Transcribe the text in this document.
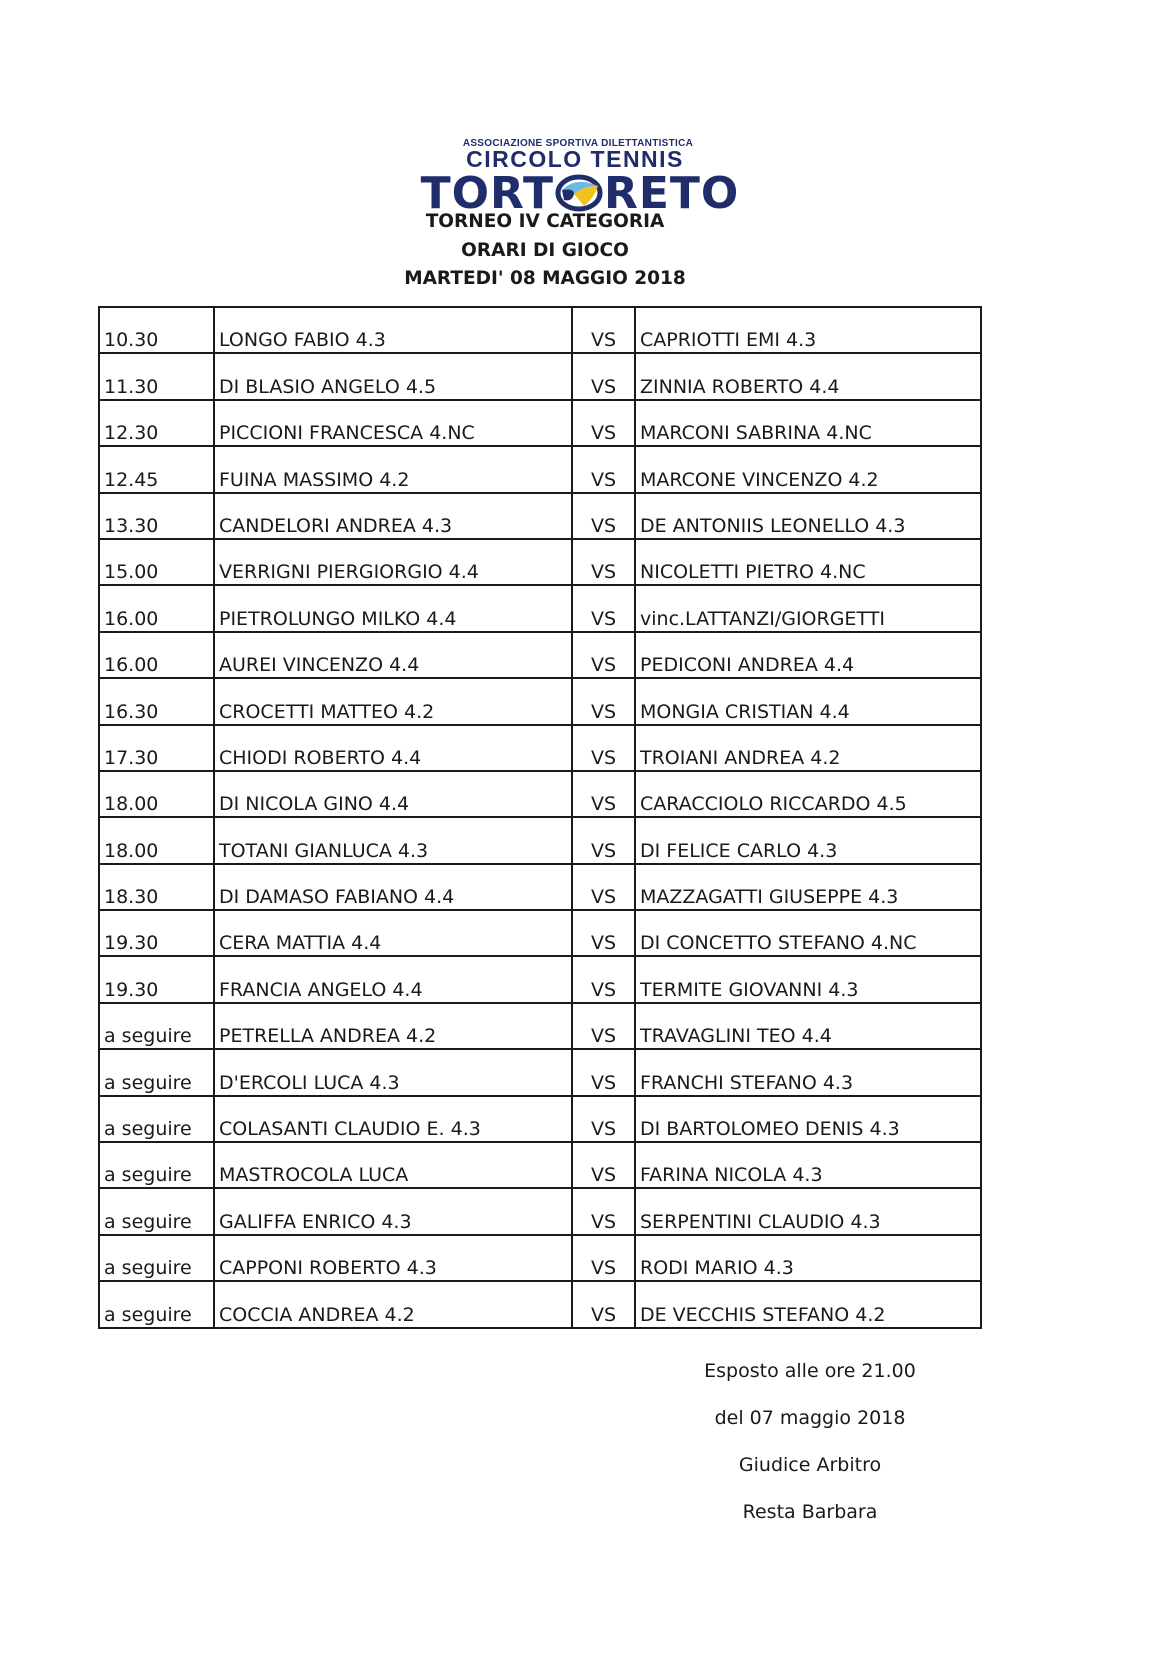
ASSOCIAZIONE SPORTIVA DILETTANTISTICA
CIRCOLO TENNIS
TORT RETO
TORNEO IV CATEGORIA
ORARI DI GIOCO
MARTEDI' 08 MAGGIO 2018
10.30	LONGO FABIO 4.3	VS	CAPRIOTTI EMI 4.3
11.30	DI BLASIO ANGELO 4.5	VS	ZINNIA ROBERTO 4.4
12.30	PICCIONI FRANCESCA 4.NC	VS	MARCONI SABRINA 4.NC
12.45	FUINA MASSIMO 4.2	VS	MARCONE VINCENZO 4.2
13.30	CANDELORI ANDREA 4.3	VS	DE ANTONIIS LEONELLO 4.3
15.00	VERRIGNI PIERGIORGIO 4.4	VS	NICOLETTI PIETRO 4.NC
16.00	PIETROLUNGO MILKO 4.4	VS	vinc.LATTANZI/GIORGETTI
16.00	AUREI VINCENZO 4.4	VS	PEDICONI ANDREA 4.4
16.30	CROCETTI MATTEO 4.2	VS	MONGIA CRISTIAN 4.4
17.30	CHIODI ROBERTO 4.4	VS	TROIANI ANDREA 4.2
18.00	DI NICOLA GINO 4.4	VS	CARACCIOLO RICCARDO 4.5
18.00	TOTANI GIANLUCA 4.3	VS	DI FELICE CARLO 4.3
18.30	DI DAMASO FABIANO 4.4	VS	MAZZAGATTI GIUSEPPE 4.3
19.30	CERA MATTIA 4.4	VS	DI CONCETTO STEFANO 4.NC
19.30	FRANCIA ANGELO 4.4	VS	TERMITE GIOVANNI 4.3
a seguire	PETRELLA ANDREA 4.2	VS	TRAVAGLINI TEO 4.4
a seguire	D'ERCOLI LUCA 4.3	VS	FRANCHI STEFANO 4.3
a seguire	COLASANTI CLAUDIO E. 4.3	VS	DI BARTOLOMEO DENIS 4.3
a seguire	MASTROCOLA LUCA	VS	FARINA NICOLA 4.3
a seguire	GALIFFA ENRICO 4.3	VS	SERPENTINI CLAUDIO 4.3
a seguire	CAPPONI ROBERTO 4.3	VS	RODI MARIO 4.3
a seguire	COCCIA ANDREA 4.2	VS	DE VECCHIS STEFANO 4.2
Esposto alle ore 21.00
del 07 maggio 2018
Giudice Arbitro
Resta Barbara
